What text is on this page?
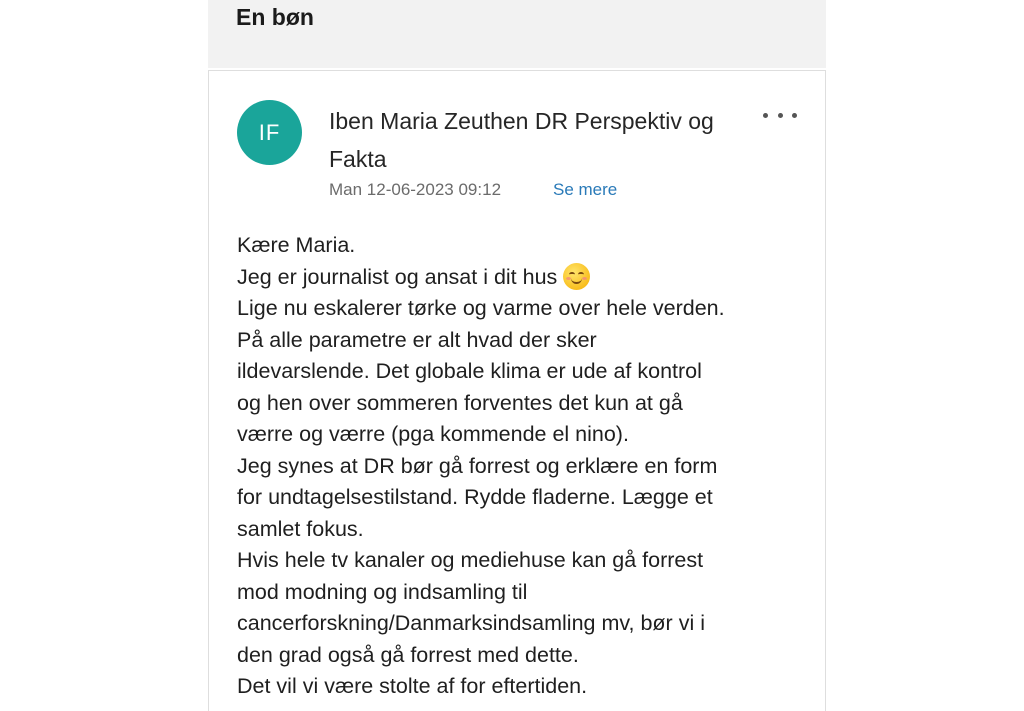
En bøn
IF Iben Maria Zeuthen DR Perspektiv og Fakta
Man 12-06-2023 09:12	Se mere
Kære Maria.
Jeg er journalist og ansat i dit hus
Lige nu eskalerer tørke og varme over hele verden.
På alle parametre er alt hvad der sker
ildevarslende. Det globale klima er ude af kontrol
og hen over sommeren forventes det kun at gå
værre og værre (pga kommende el nino).
Jeg synes at DR bør gå forrest og erklære en form
for undtagelsestilstand. Rydde fladerne. Lægge et
samlet fokus.
Hvis hele tv kanaler og mediehuse kan gå forrest
mod modning og indsamling til
cancerforskning/Danmarksindsamling mv, bør vi i
den grad også gå forrest med dette.
Det vil vi være stolte af for eftertiden.
